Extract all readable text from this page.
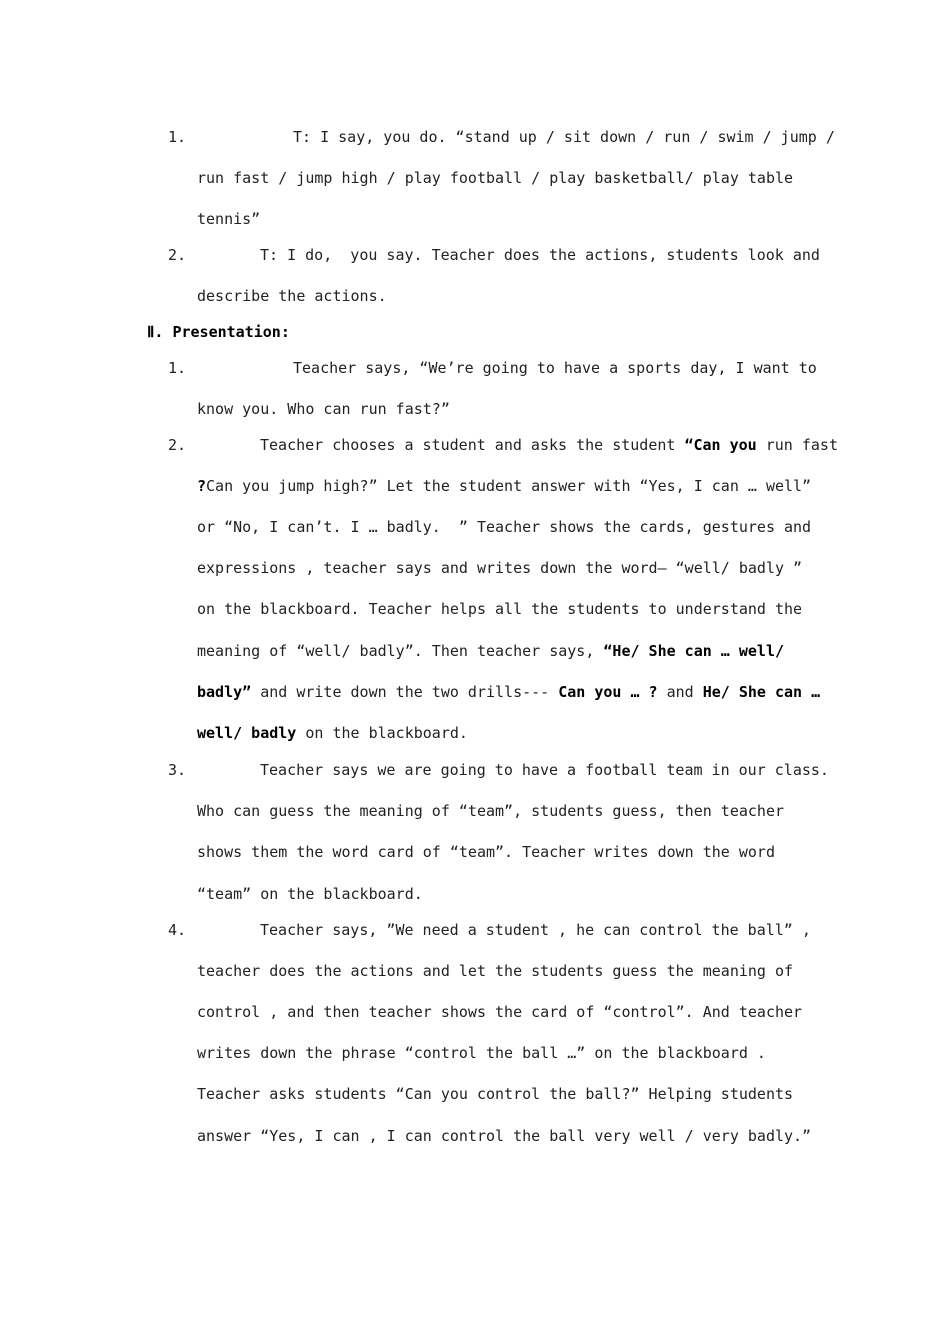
1.	T: I say, you do. “stand up / sit down / run / swim / jump /
run fast / jump high / play football / play basketball/ play table
tennis”
2.	T: I do,  you say. Teacher does the actions, students look and
describe the actions.
Ⅱ. Presentation:
1.	Teacher says, “We’re going to have a sports day, I want to
know you. Who can run fast?”
2.	Teacher chooses a student and asks the student “Can you run fast
?Can you jump high?” Let the student answer with “Yes, I can … well”
or “No, I can’t. I … badly.  ” Teacher shows the cards, gestures and
expressions , teacher says and writes down the word— “well/ badly ”
on the blackboard. Teacher helps all the students to understand the
meaning of “well/ badly”. Then teacher says, “He/ She can … well/
badly” and write down the two drills--- Can you … ? and He/ She can …
well/ badly on the blackboard.
3.	Teacher says we are going to have a football team in our class.
Who can guess the meaning of “team”, students guess, then teacher
shows them the word card of “team”. Teacher writes down the word
“team” on the blackboard.
4.	Teacher says, ”We need a student , he can control the ball” ,
teacher does the actions and let the students guess the meaning of
control , and then teacher shows the card of “control”. And teacher
writes down the phrase “control the ball …” on the blackboard .
Teacher asks students “Can you control the ball?” Helping students
answer “Yes, I can , I can control the ball very well / very badly.”
